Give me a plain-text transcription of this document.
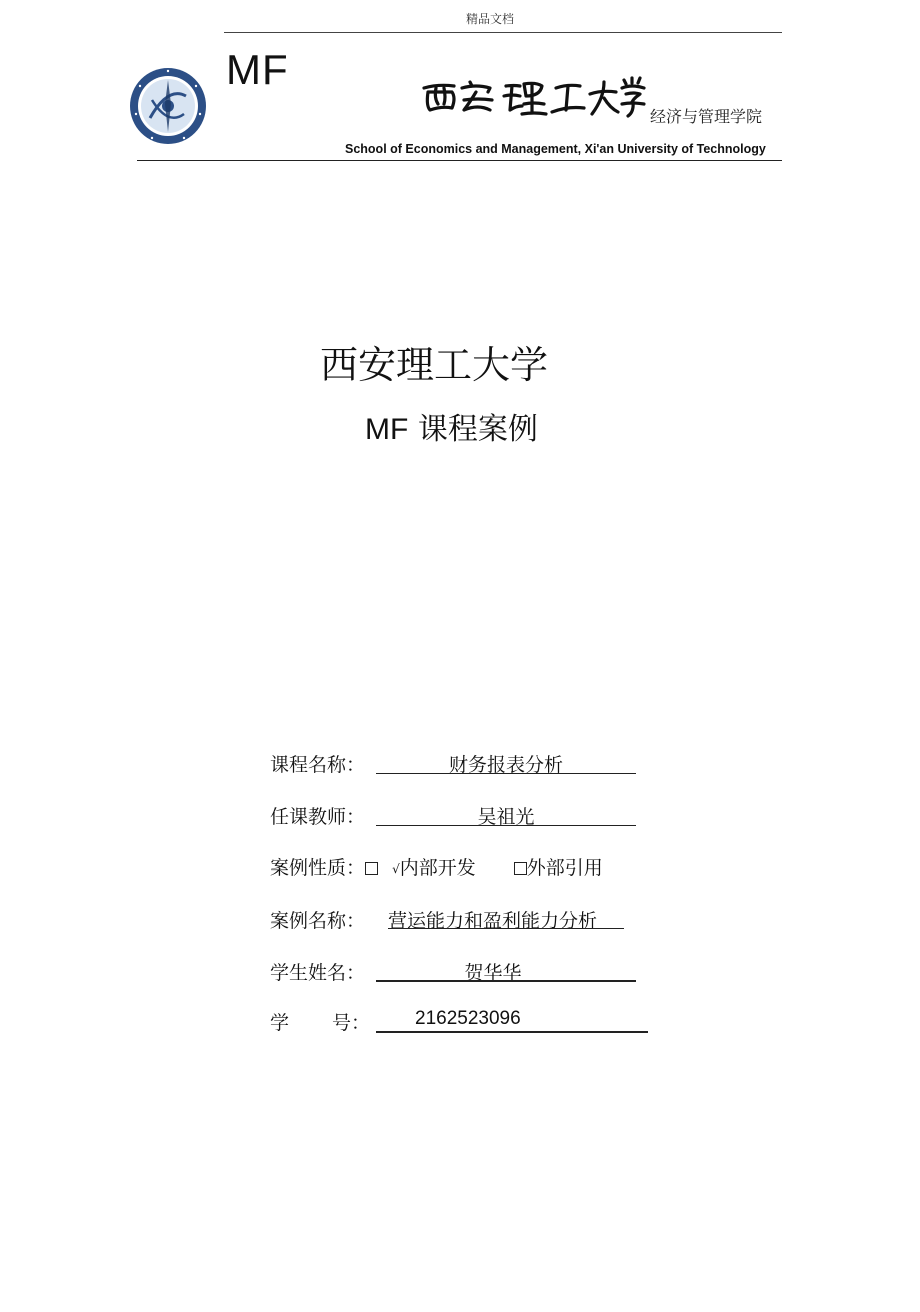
精品文档
MF
经济与管理学院
School of Economics and Management, Xi'an University of Technology
西安理工大学
MF 课程案例
课程名称：	财务报表分析
任课教师：	吴祖光
案例性质： √内部开发	外部引用
案例名称： 营运能力和盈利能力分析
学生姓名：	贺华华
学 号： 2162523096
